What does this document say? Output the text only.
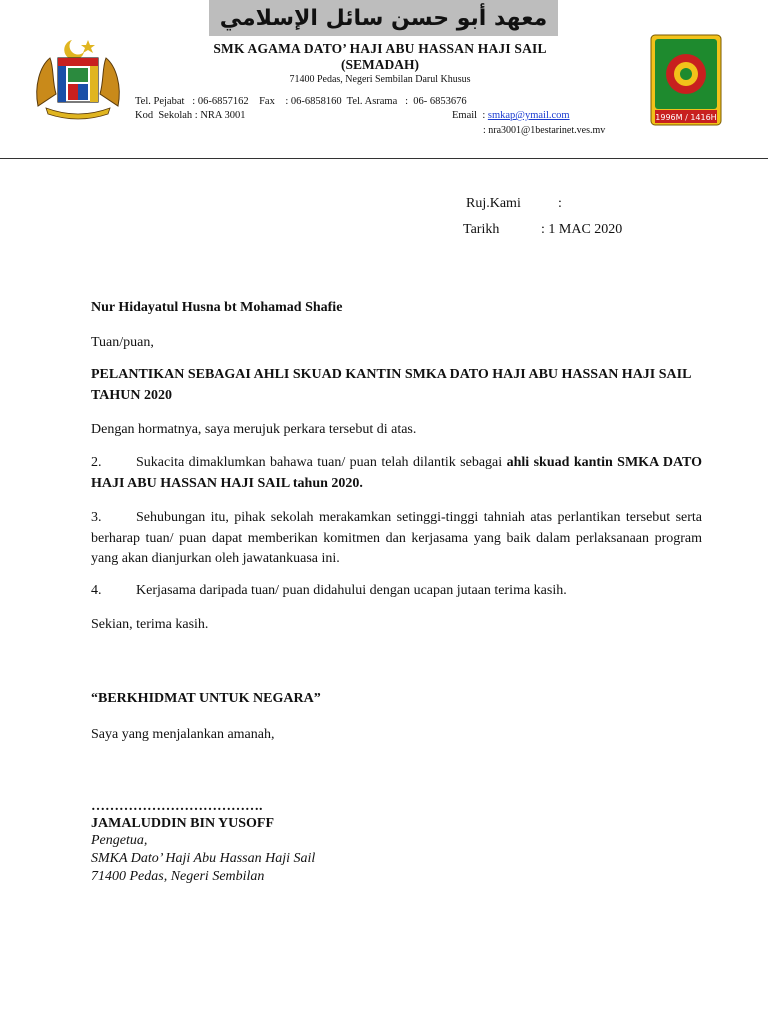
معهد أبو حسن سائل الإسلامي
SMK AGAMA DATO’ HAJI ABU HASSAN HAJI SAIL
(SEMADAH)
71400 Pedas, Negeri Sembilan Darul Khusus
Tel. Pejabat   : 06-6857162    Fax    : 06-6858160  Tel. Asrama   :  06- 6853676
Kod  Sekolah : NRA 3001	Email  : smkap@ymail.com
: nra3001@1bestarinet.ves.mv
1996M / 1416H
Ruj.Kami	:
Tarikh	: 1 MAC 2020
Nur Hidayatul Husna bt Mohamad Shafie
Tuan/puan,
PELANTIKAN SEBAGAI AHLI SKUAD KANTIN SMKA DATO HAJI ABU HASSAN HAJI SAIL TAHUN 2020
Dengan hormatnya, saya merujuk perkara tersebut di atas.
2. Sukacita dimaklumkan bahawa tuan/ puan telah dilantik sebagai ahli skuad kantin SMKA DATO HAJI ABU HASSAN HAJI SAIL tahun 2020.
3. Sehubungan itu, pihak sekolah merakamkan setinggi-tinggi tahniah atas perlantikan tersebut serta berharap tuan/ puan dapat memberikan komitmen dan kerjasama yang baik dalam perlaksanaan program yang akan dianjurkan oleh jawatankuasa ini.
4. Kerjasama daripada tuan/ puan didahului dengan ucapan jutaan terima kasih.
Sekian, terima kasih.
“BERKHIDMAT UNTUK NEGARA”
Saya yang menjalankan amanah,
……………………………….
JAMALUDDIN BIN YUSOFF
Pengetua,
SMKA Dato’ Haji Abu Hassan Haji Sail
71400 Pedas, Negeri Sembilan
